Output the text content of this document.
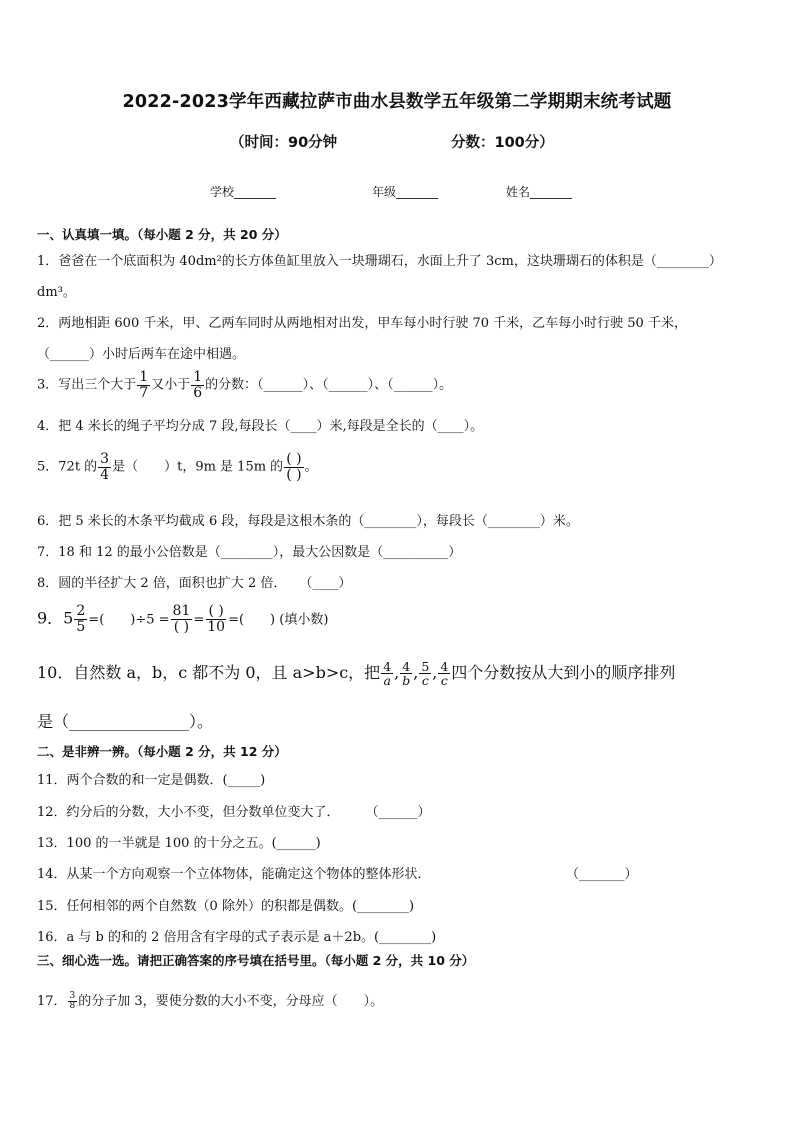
2022-2023学年西藏拉萨市曲水县数学五年级第二学期期末统考试题
（时间：90分钟	分数：100分）
学校_______	年级_______	姓名_______
一、认真填一填。（每小题 2 分，共 20 分）
1．爸爸在一个底面积为 40dm²的长方体鱼缸里放入一块珊瑚石，水面上升了 3cm，这块珊瑚石的体积是（________）
dm³。
2．两地相距 600 千米，甲、乙两车同时从两地相对出发，甲车每小时行驶 70 千米，乙车每小时行驶 50 千米，
（______）小时后两车在途中相遇。
3．写出三个大于 $\frac{1}{7}$ 又小于 $\frac{1}{6}$ 的分数：（______）、（______）、（______）。
4．把 4 米长的绳子平均分成 7 段,每段长（____）米,每段是全长的（____）。
5．72t 的 $\frac{3}{4}$ 是（　　）t，9m 是 15m 的 $\frac{( )}{( )}$ 。
6．把 5 米长的木条平均截成 6 段，每段是这根木条的（________），每段长（________）米。
7．18 和 12 的最小公倍数是（________），最大公因数是（__________）
8．圆的半径扩大 2 倍，面积也扩大 2 倍．　　（____）
9．$5 \frac{2}{5}$ =(　　)$\div 5 = \frac{81}{( )} = \frac{( )}{10}$ =(　　) (填小数)
10．自然数 a，b，c 都不为 0，且 a>b>c，把 $\frac{4}{a}$ , $\frac{4}{b}$ , $\frac{5}{c}$ , $\frac{4}{c}$ 四个分数按从大到小的顺序排列
是（_______________）。
二、是非辨一辨。（每小题 2 分，共 12 分）
11．两个合数的和一定是偶数．(_____)
12．约分后的分数，大小不变，但分数单位变大了．　　　（______）
13．100 的一半就是 100 的十分之五。(______)
14．从某一个方向观察一个立体物体，能确定这个物体的整体形状．	（_______）
15．任何相邻的两个自然数（0 除外）的积都是偶数。(________)
16．a 与 b 的和的 2 倍用含有字母的式子表示是 a＋2b。(________)
三、细心选一选。请把正确答案的序号填在括号里。（每小题 2 分，共 10 分）
17． $\frac{3}{8}$ 的分子加 3，要使分数的大小不变，分母应（　　）。
